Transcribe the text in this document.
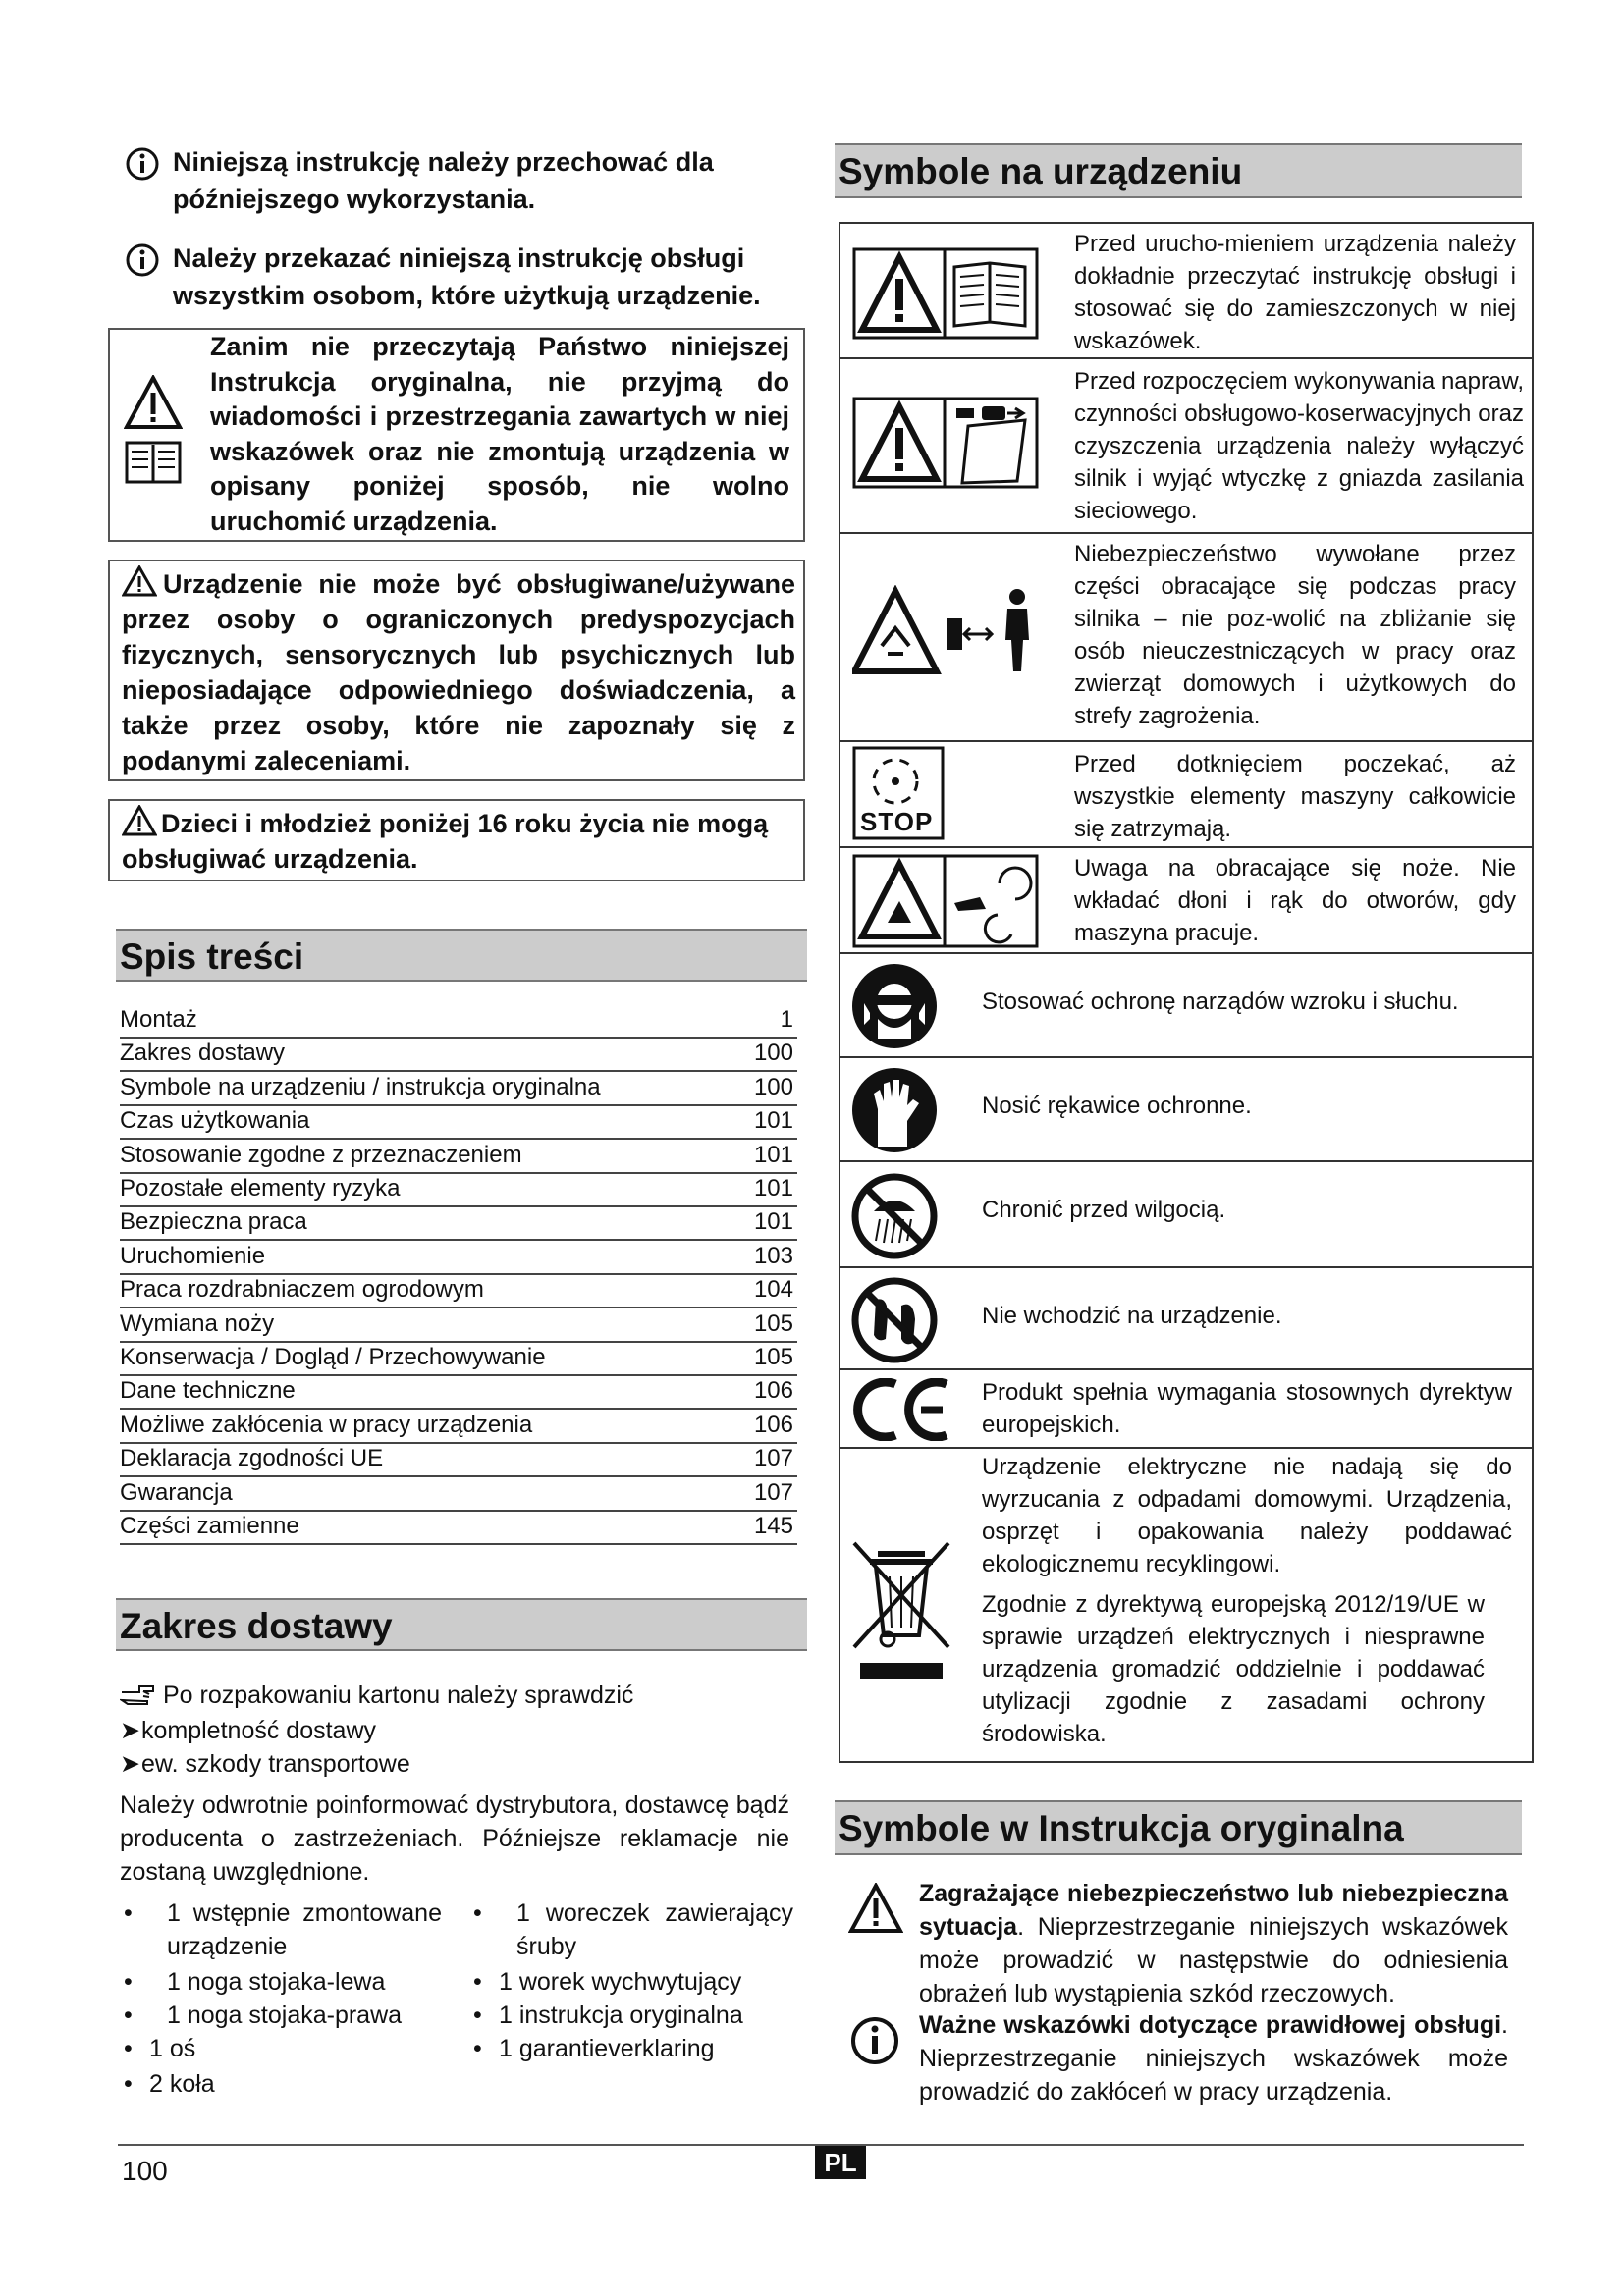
Niniejszą instrukcję należy przechować dla późniejszego wykorzystania.
Należy przekazać niniejszą instrukcję obsługi wszystkim osobom, które użytkują urządzenie.
Zanim nie przeczytają Państwo niniejszej Instrukcja oryginalna, nie przyjmą do wiadomości i przestrzegania zawartych w niej wskazówek oraz nie zmontują urządzenia w opisany poniżej sposób, nie wolno uruchomić urządzenia.
Urządzenie nie może być obsługiwane/używane przez osoby o ograniczonych predyspozycjach fizycznych, sensorycznych lub psychicznych lub nieposiadające odpowiedniego doświadczenia, a także przez osoby, które nie zapoznały się z podanymi zaleceniami.
Dzieci i młodzież poniżej 16 roku życia nie mogą obsługiwać urządzenia.
Spis treści
Montaż	1
Zakres dostawy	100
Symbole na urządzeniu / instrukcja oryginalna	100
Czas użytkowania	101
Stosowanie zgodne z przeznaczeniem	101
Pozostałe elementy ryzyka	101
Bezpieczna praca	101
Uruchomienie	103
Praca rozdrabniaczem ogrodowym	104
Wymiana noży	105
Konserwacja / Dogląd / Przechowywanie	105
Dane techniczne	106
Możliwe zakłócenia w pracy urządzenia	106
Deklaracja zgodności UE	107
Gwarancja	107
Części zamienne	145
Zakres dostawy
Po rozpakowaniu kartonu należy sprawdzić
➤kompletność dostawy
➤ew. szkody transportowe
Należy odwrotnie poinformować dystrybutora, dostawcę bądź producenta o zastrzeżeniach. Późniejsze reklamacje nie zostaną uwzględnione.
• 1 wstępnie zmontowane urządzenie
• 1 noga stojaka-lewa
• 1 noga stojaka-prawa
• 1 oś
• 2 koła
• 1 woreczek zawierający śruby
• 1 worek wychwytujący
• 1 instrukcja oryginalna
• 1 garantieverklaring
Symbole na urządzeniu
Przed urucho-mieniem urządzenia należy dokładnie przeczytać instrukcję obsługi i stosować się do zamieszczonych w niej wskazówek.
Przed rozpoczęciem wykonywania napraw, czynności obsługowo-koserwacyjnych oraz czyszczenia urządzenia należy wyłączyć silnik i wyjąć wtyczkę z gniazda zasilania sieciowego.
Niebezpieczeństwo wywołane przez części obracające się podczas pracy silnika – nie poz-wolić na zbliżanie się osób nieuczestniczących w pracy oraz zwierząt domowych i użytkowych do strefy zagrożenia.
STOP
Przed dotknięciem poczekać, aż wszystkie elementy maszyny całkowicie się zatrzymają.
Uwaga na obracające się noże. Nie wkładać dłoni i rąk do otworów, gdy maszyna pracuje.
Stosować ochronę narządów wzroku i słuchu.
Nosić rękawice ochronne.
Chronić przed wilgocią.
Nie wchodzić na urządzenie.
Produkt spełnia wymagania stosownych dyrektyw europejskich.
Urządzenie elektryczne nie nadają się do wyrzucania z odpadami domowymi. Urządzenia, osprzęt i opakowania należy poddawać ekologicznemu recyklingowi.
Zgodnie z dyrektywą europejską 2012/19/UE w sprawie urządzeń elektrycznych i niesprawne urządzenia gromadzić oddzielnie i poddawać utylizacji zgodnie z zasadami ochrony środowiska.
Symbole w Instrukcja oryginalna
Zagrażające niebezpieczeństwo lub niebezpieczna sytuacja. Nieprzestrzeganie niniejszych wskazówek może prowadzić w następstwie do odniesienia obrażeń lub wystąpienia szkód rzeczowych.
Ważne wskazówki dotyczące prawidłowej obsługi. Nieprzestrzeganie niniejszych wskazówek może prowadzić do zakłóceń w pracy urządzenia.
100	PL
